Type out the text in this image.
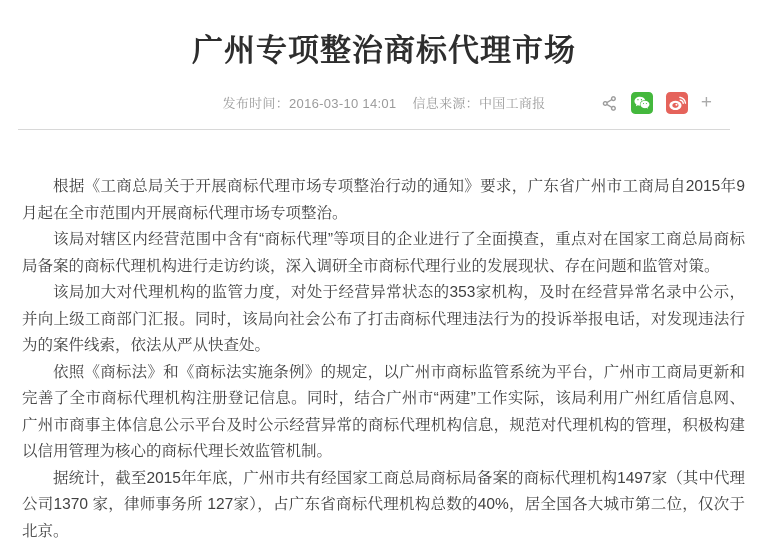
广州专项整治商标代理市场
发布时间：2016-03-10 14:01 信息来源：中国工商报	+

根据《工商总局关于开展商标代理市场专项整治行动的通知》要求，广东省广州市工商局自2015年9月起在全市范围内开展商标代理市场专项整治。

该局对辖区内经营范围中含有“商标代理”等项目的企业进行了全面摸查，重点对在国家工商总局商标局备案的商标代理机构进行走访约谈，深入调研全市商标代理行业的发展现状、存在问题和监管对策。

该局加大对代理机构的监管力度，对处于经营异常状态的353家机构，及时在经营异常名录中公示，并向上级工商部门汇报。同时，该局向社会公布了打击商标代理违法行为的投诉举报电话，对发现违法行为的案件线索，依法从严从快查处。

依照《商标法》和《商标法实施条例》的规定，以广州市商标监管系统为平台，广州市工商局更新和完善了全市商标代理机构注册登记信息。同时，结合广州市“两建”工作实际，该局利用广州红盾信息网、广州市商事主体信息公示平台及时公示经营异常的商标代理机构信息，规范对代理机构的管理，积极构建以信用管理为核心的商标代理长效监管机制。

据统计，截至2015年年底，广州市共有经国家工商总局商标局备案的商标代理机构1497家（其中代理公司1370 家，律师事务所 127家），占广东省商标代理机构总数的40%，居全国各大城市第二位，仅次于北京。
